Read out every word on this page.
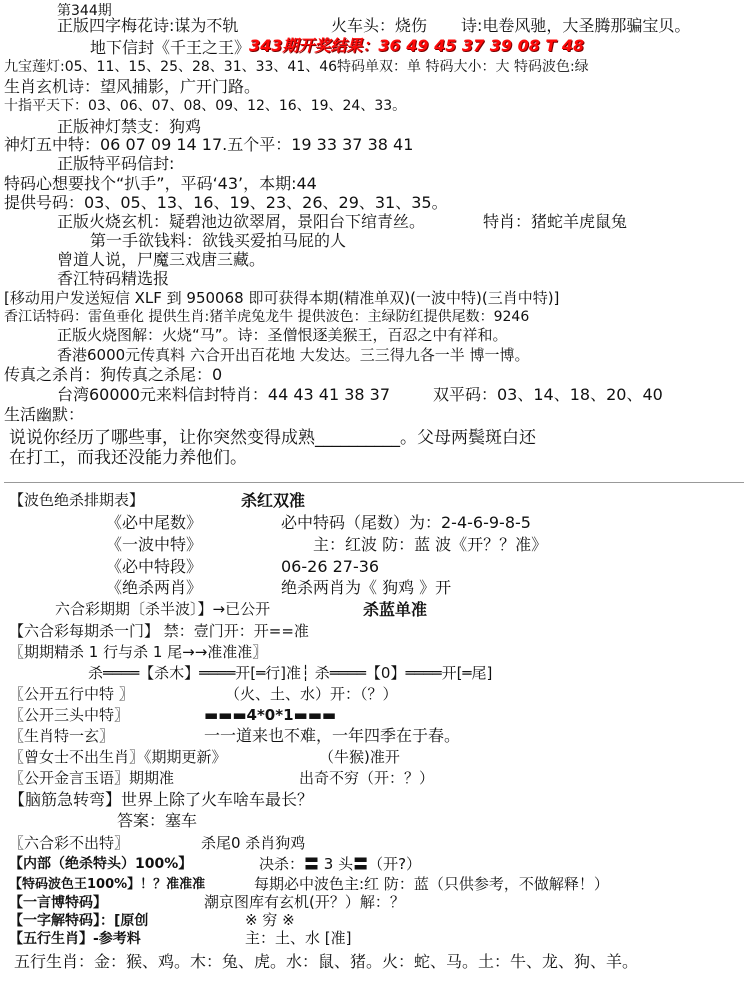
第344期
正版四字梅花诗:谋为不轨	火车头：烧伤 诗:电卷风驰，大圣腾那骗宝贝。
地下信封《千王之王》
343期开奖结果：36 49 45 37 39 08 T 48
九宝莲灯:05、11、15、25、28、31、33、41、46特码单双：单 特码大小：大 特码波色:绿
生肖玄机诗：望风捕影，广开门路。
十指平天下：03、06、07、08、09、12、16、19、24、33。
正版神灯禁支：狗鸡
神灯五中特：06 07 09 14 17.五个平：19 33 37 38 41
正版特平码信封:
特码心想要找个“扒手”，平码‘43’，本期:44
提供号码：03、05、13、16、19、23、26、29、31、35。
正版火烧玄机：疑碧池边欲翠屑，景阳台下绾青丝。	特肖：猪蛇羊虎鼠兔
第一手欲钱料：欲钱买爱拍马屁的人
曾道人说，尸魔三戏唐三藏。
香江特码精选报
[移动用户发送短信 XLF 到 950068 即可获得本期(精准单双)(一波中特)(三肖中特)]
香江话特码：雷鱼垂化 提供生肖:猪羊虎兔龙牛 提供波色：主绿防红提供尾数：9246
正版火烧图解：火烧“马”。诗：圣僧恨逐美猴王，百忍之中有祥和。
香港6000元传真料 六合开出百花地 大发达。三三得九各一半 博一博。
传真之杀肖：狗传真之杀尾：0
台湾60000元来料信封特肖：44 43 41 38 37	双平码：03、14、18、20、40
生活幽默：
说说你经历了哪些事，让你突然变得成熟__________。父母两鬓斑白还
在打工，而我还没能力养他们。
【波色绝杀排期表】	杀红双准
《必中尾数》	必中特码（尾数）为：2-4-6-9-8-5
《一波中特》	主：红波 防：蓝 波《开？？准》
《必中特段》	06-26 27-36
《绝杀两肖》	绝杀两肖为《 狗鸡 》开
六合彩期期〔杀半波〕】→已公开	杀蓝单准
【六合彩每期杀一门】 禁：壹门开：开==准
〖期期精杀 1 行与杀 1 尾→→准准准〗
杀════【杀木】════开[═行]准┆ 杀════【0】════开[═尾]
〖公开五行中特 〗	（火、土、水）开：（？）
〖公开三头中特〗	▬▬▬4*0*1▬▬▬
〖生肖特一玄〗	一一道来也不难，一年四季在于春。
〖曾女士不出生肖〗《期期更新》	（牛猴)准开
〖公开金言玉语〗期期准	出奇不穷（开：？）
【脑筋急转弯】世界上除了火车啥车最长？
答案：塞车
〖六合彩不出特〗	杀尾0 杀肖狗鸡
【内部（绝杀特头）100%】	决杀：〓 3 头〓（开?）
【特码波色王100%】！？准准准	每期必中波色主:红 防：蓝（只供参考，不做解释！）
【一言博特码】	潮京图库有玄机(开？）解：？
【一字解特码】：[原创	※ 穷 ※
【五行生肖】-参考料	主：土、水 [准]
五行生肖：金：猴、鸡。木：兔、虎。水：鼠、猪。火：蛇、马。土：牛、龙、狗、羊。
